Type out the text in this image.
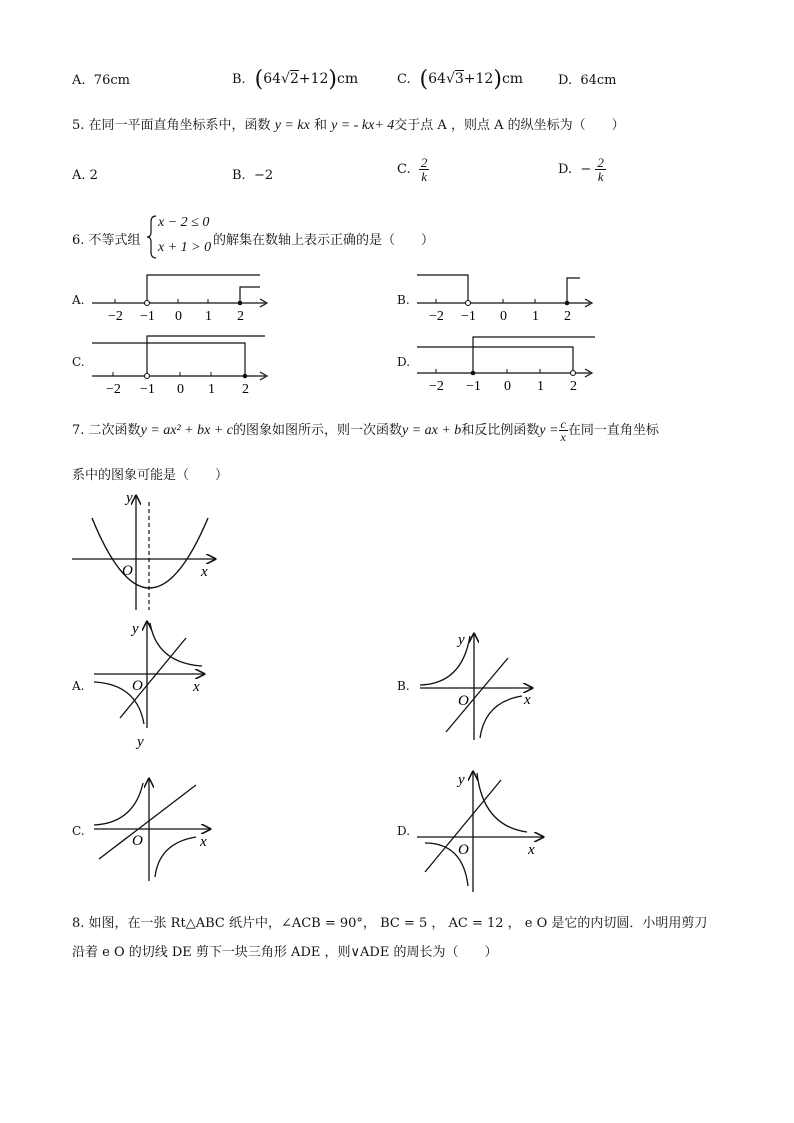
A. 76cm	B. (64√2+12)cm	C. (64√3+12)cm	D. 64cm
5. 在同一平面直角坐标系中，函数 y = kx 和 y = - kx+ 4交于点 A ，则点 A 的纵坐标为（　　）
A. 2	B. −2	C. $\frac{2}{k}$	D. − $\frac{2}{k}$
6. 不等式组
x − 2 ≤ 0
x + 1 > 0 的解集在数轴上表示正确的是（　　）
A.	B.
C.	D.
−2 −1 0 1 2	−2 −1 0 1 2
−2 −1 0 1 2	−2 −1 0 1 2
7. 二次函数y = ax² + bx + c的图象如图所示，则一次函数y = ax + b和反比例函数$y = \frac{c}{x}$ 在同一直角坐标
系中的图象可能是（　　）
y
x
O
A.
y
x
O
y
B.
y
x
O
C.
x
O
D.
y
x
O
8. 如图，在一张 Rt△ABC 纸片中，∠ACB = 90°， BC = 5 ， AC = 12 ， e O 是它的内切圆．小明用剪刀
沿着 e O 的切线 DE 剪下一块三角形 ADE ，则∨ADE 的周长为（　　）
